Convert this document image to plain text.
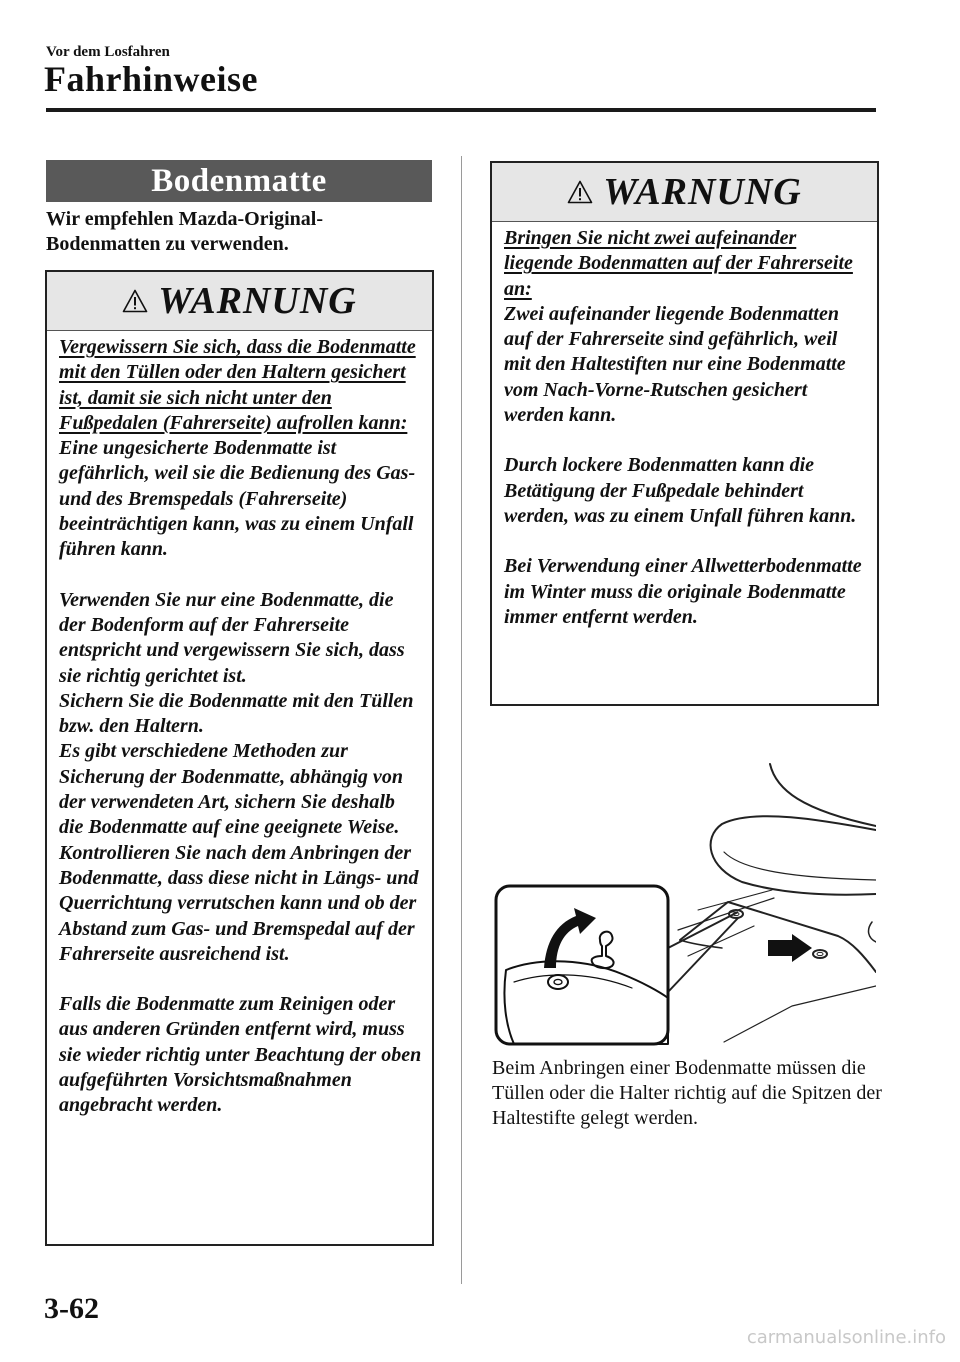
Vor dem Losfahren
Fahrhinweise
Bodenmatte
Wir empfehlen Mazda-Original-Bodenmatten zu verwenden.
WARNUNG

Vergewissern Sie sich, dass die Bodenmatte mit den Tüllen oder den Haltern gesichert ist, damit sie sich nicht unter den Fußpedalen (Fahrerseite) aufrollen kann:

Eine ungesicherte Bodenmatte ist gefährlich, weil sie die Bedienung des Gas- und des Bremspedals (Fahrerseite) beeinträchtigen kann, was zu einem Unfall führen kann.

Verwenden Sie nur eine Bodenmatte, die der Bodenform auf der Fahrerseite entspricht und vergewissern Sie sich, dass sie richtig gerichtet ist.

Sichern Sie die Bodenmatte mit den Tüllen bzw. den Haltern.

Es gibt verschiedene Methoden zur Sicherung der Bodenmatte, abhängig von der verwendeten Art, sichern Sie deshalb die Bodenmatte auf eine geeignete Weise.

Kontrollieren Sie nach dem Anbringen der Bodenmatte, dass diese nicht in Längs- und Querrichtung verrutschen kann und ob der Abstand zum Gas- und Bremspedal auf der Fahrerseite ausreichend ist.

Falls die Bodenmatte zum Reinigen oder aus anderen Gründen entfernt wird, muss sie wieder richtig unter Beachtung der oben aufgeführten Vorsichtsmaßnahmen angebracht werden.

WARNUNG

Bringen Sie nicht zwei aufeinander liegende Bodenmatten auf der Fahrerseite an:

Zwei aufeinander liegende Bodenmatten auf der Fahrerseite sind gefährlich, weil mit den Haltestiften nur eine Bodenmatte vom Nach-Vorne-Rutschen gesichert werden kann.

Durch lockere Bodenmatten kann die Betätigung der Fußpedale behindert werden, was zu einem Unfall führen kann.

Bei Verwendung einer Allwetterbodenmatte im Winter muss die originale Bodenmatte immer entfernt werden.

Beim Anbringen einer Bodenmatte müssen die Tüllen oder die Halter richtig auf die Spitzen der Haltestifte gelegt werden.
3-62
carmanualsonline.info
